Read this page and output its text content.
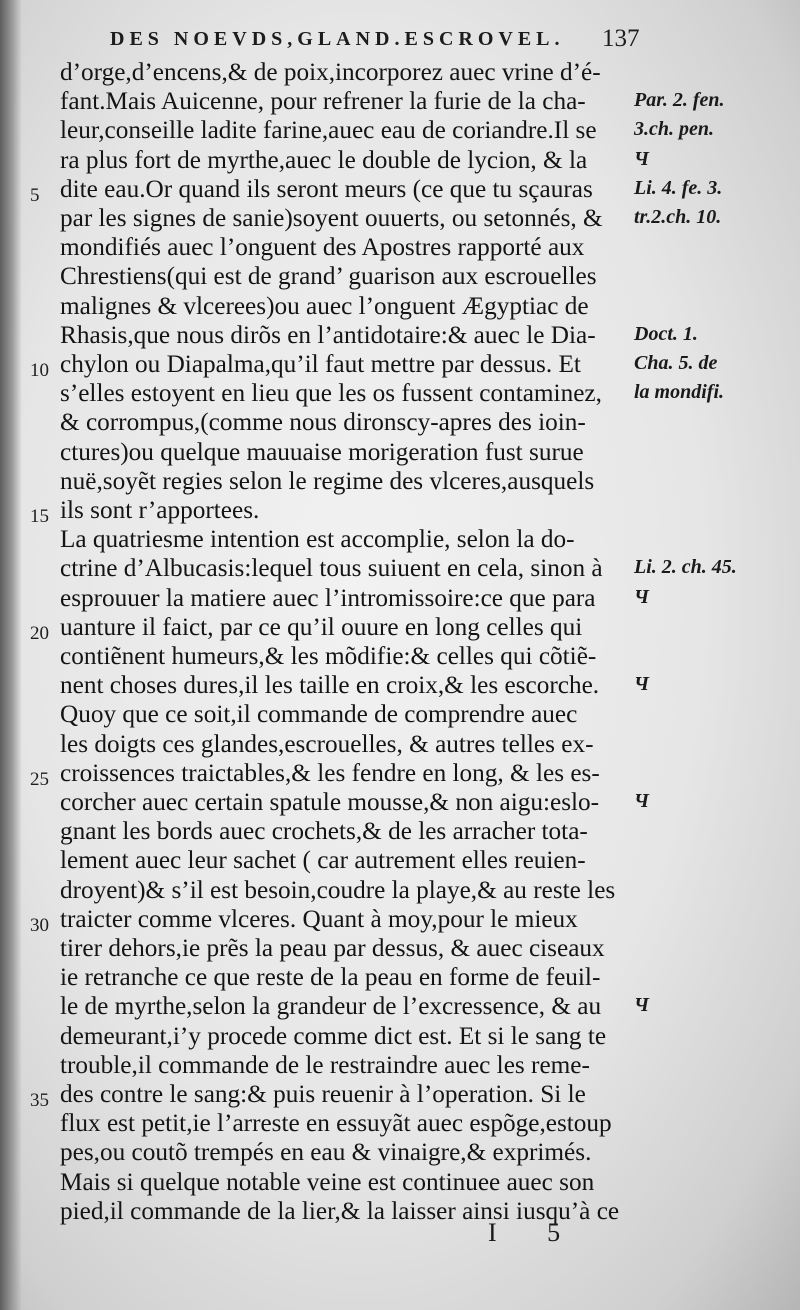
DES NOEVDS,GLAND.ESCROVEL. 137
d’orge,d’encens,& de poix,incorporez auec vrine d’é-
fant.Mais Auicenne, pour refrener la furie de la cha-
leur,conseille ladite farine,auec eau de coriandre.Il se
ra plus fort de myrthe,auec le double de lycion, & la
dite eau.Or quand ils seront meurs (ce que tu sçauras
par les signes de sanie)soyent ouuerts, ou setonnés, &
mondifiés auec l’onguent des Apostres rapporté aux
Chrestiens(qui est de grand’ guarison aux escrouelles
malignes & vlcerees)ou auec l’onguent Ægyptiac de
Rhasis,que nous dirõs en l’antidotaire:& auec le Dia-
chylon ou Diapalma,qu’il faut mettre par dessus. Et
s’elles estoyent en lieu que les os fussent contaminez,
& corrompus,(comme nous dironscy-apres des ioin-
ctures)ou quelque mauuaise morigeration fust surue
nuë,soyẽt regies selon le regime des vlceres,ausquels
ils sont r’apportees.
La quatriesme intention est accomplie, selon la do-
ctrine d’Albucasis:lequel tous suiuent en cela, sinon à
esprouuer la matiere auec l’intromissoire:ce que para
uanture il faict, par ce qu’il ouure en long celles qui
contiẽnent humeurs,& les mõdifie:& celles qui cõtiẽ-
nent choses dures,il les taille en croix,& les escorche.
Quoy que ce soit,il commande de comprendre auec
les doigts ces glandes,escrouelles, & autres telles ex-
croissences traictables,& les fendre en long, & les es-
corcher auec certain spatule mousse,& non aigu:eslo-
gnant les bords auec crochets,& de les arracher tota-
lement auec leur sachet ( car autrement elles reuien-
droyent)& s’il est besoin,coudre la playe,& au reste les
traicter comme vlceres. Quant à moy,pour le mieux
tirer dehors,ie prẽs la peau par dessus, & auec ciseaux
ie retranche ce que reste de la peau en forme de feuil-
le de myrthe,selon la grandeur de l’excressence, & au
demeurant,i’y procede comme dict est. Et si le sang te
trouble,il commande de le restraindre auec les reme-
des contre le sang:& puis reuenir à l’operation. Si le
flux est petit,ie l’arreste en essuyãt auec espõge,estoup
pes,ou coutõ trempés en eau & vinaigre,& exprimés.
Mais si quelque notable veine est continuee auec son
pied,il commande de la lier,& la laisser ainsi iusqu’à ce
Par. 2. fen.
3.ch. pen.
Ч
Li. 4. fe. 3.
tr.2.ch. 10.
Doct. 1.
Cha. 5. de
la mondifi.
Li. 2. ch. 45.
Ч
Ч
Ч
Ч
I 5
5
10
15
20
25
30
35
